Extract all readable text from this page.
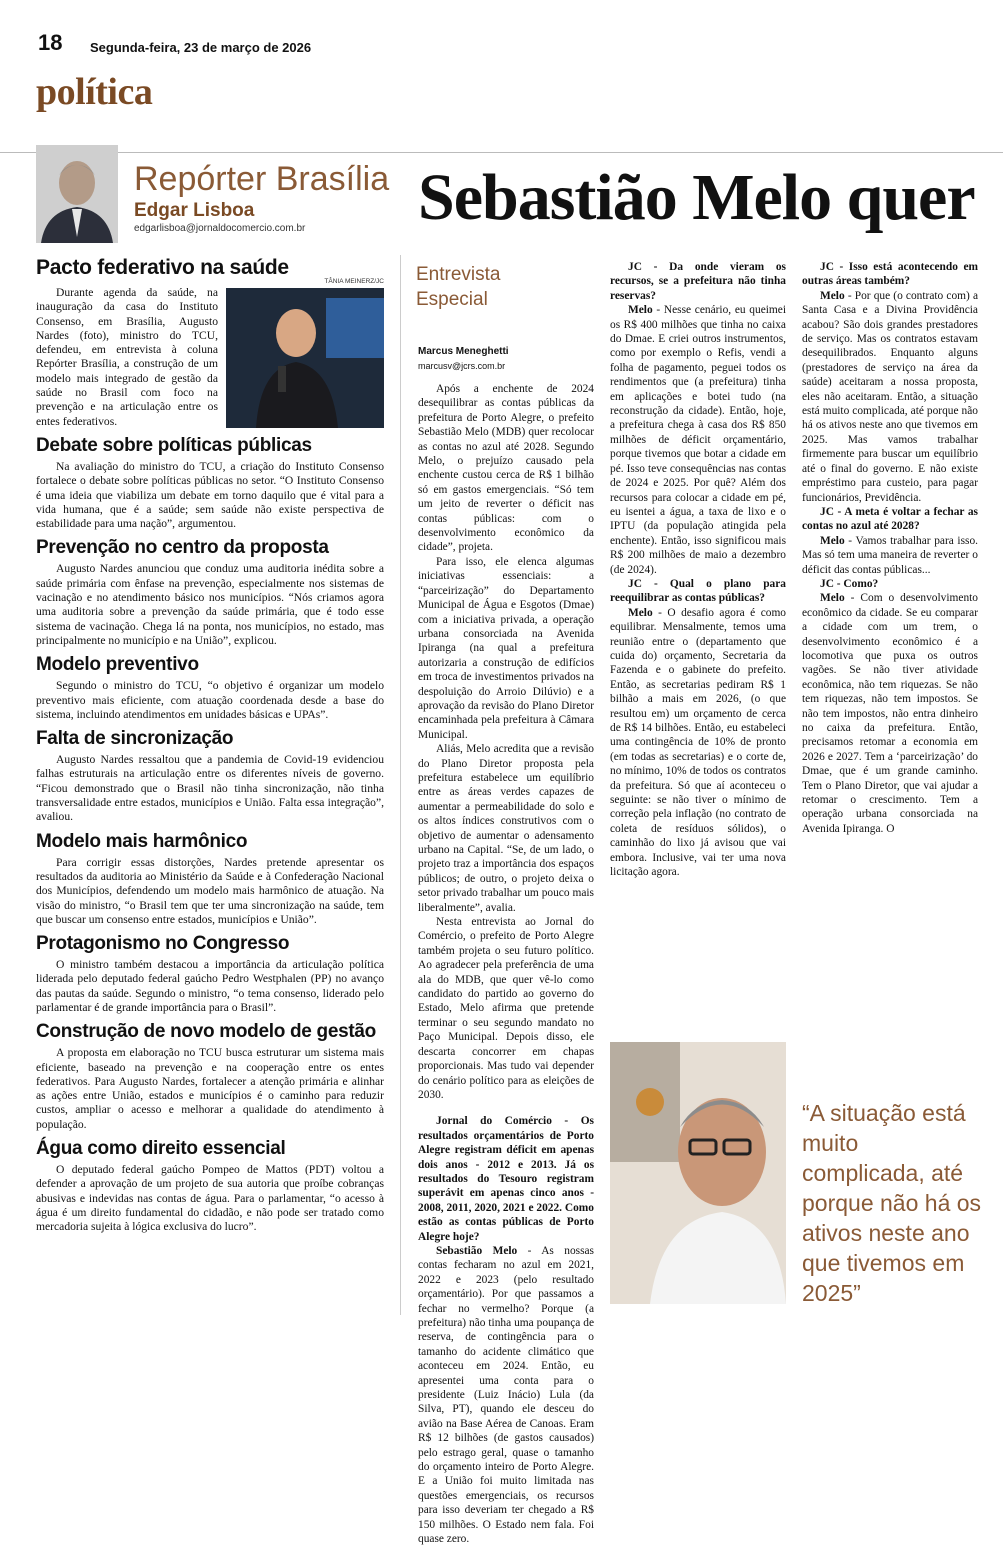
18 Segunda-feira, 23 de março de 2026
política
Repórter Brasília
Edgar Lisboa
edgarlisboa@jornaldocomercio.com.br Sebastião Melo quer
Pacto federativo na saúde
TÂNIA MEINERZ/JC

Durante agenda da saúde, na inauguração da casa do Instituto Consenso, em Brasília, Augusto Nardes (foto), ministro do TCU, defendeu, em entrevista à coluna Repórter Brasília, a construção de um modelo mais integrado de gestão da saúde no Brasil com foco na prevenção e na articulação entre os entes federativos.

Debate sobre políticas públicas

Na avaliação do ministro do TCU, a criação do Instituto Consenso fortalece o debate sobre políticas públicas no setor. “O Instituto Consenso é uma ideia que viabiliza um debate em torno daquilo que é vital para a vida humana, que é a saúde; sem saúde não existe perspectiva de estabilidade para uma nação”, argumentou.

Prevenção no centro da proposta

Augusto Nardes anunciou que conduz uma auditoria inédita sobre a saúde primária com ênfase na prevenção, especialmente nos sistemas de vacinação e no atendimento básico nos municípios. “Nós criamos agora uma auditoria sobre a prevenção da saúde primária, que é todo esse sistema de vacinação. Chega lá na ponta, nos municípios, no estado, mas principalmente no município e na União”, explicou.

Modelo preventivo

Segundo o ministro do TCU, “o objetivo é organizar um modelo preventivo mais eficiente, com atuação coordenada desde a base do sistema, incluindo atendimentos em unidades básicas e UPAs”.

Falta de sincronização

Augusto Nardes ressaltou que a pandemia de Covid-19 evidenciou falhas estruturais na articulação entre os diferentes níveis de governo. “Ficou demonstrado que o Brasil não tinha sincronização, não tinha transversalidade entre estados, municípios e União. Falta essa integração”, avaliou.

Modelo mais harmônico

Para corrigir essas distorções, Nardes pretende apresentar os resultados da auditoria ao Ministério da Saúde e à Confederação Nacional dos Municípios, defendendo um modelo mais harmônico de atuação. Na visão do ministro, “o Brasil tem que ter uma sincronização na saúde, tem que buscar um consenso entre estados, municípios e União”.

Protagonismo no Congresso

O ministro também destacou a importância da articulação política liderada pelo deputado federal gaúcho Pedro Westphalen (PP) no avanço das pautas da saúde. Segundo o ministro, “o tema consenso, liderado pelo parlamentar é de grande importância para o Brasil”.

Construção de novo modelo de gestão

A proposta em elaboração no TCU busca estruturar um sistema mais eficiente, baseado na prevenção e na cooperação entre os entes federativos. Para Augusto Nardes, fortalecer a atenção primária e alinhar as ações entre União, estados e municípios é o caminho para reduzir custos, ampliar o acesso e melhorar a qualidade do atendimento à população.

Água como direito essencial

O deputado federal gaúcho Pompeo de Mattos (PDT) voltou a defender a aprovação de um projeto de sua autoria que proíbe cobranças abusivas e indevidas nas contas de água. Para o parlamentar, “o acesso à água é um direito fundamental do cidadão, e não pode ser tratado como mercadoria sujeita à lógica exclusiva do lucro”.

Entrevista
Especial
Marcus Meneghetti
marcusv@jcrs.com.br

Após a enchente de 2024 desequilibrar as contas públicas da prefeitura de Porto Alegre, o prefeito Sebastião Melo (MDB) quer recolocar as contas no azul até 2028. Segundo Melo, o prejuízo causado pela enchente custou cerca de R$ 1 bilhão só em gastos emergenciais. “Só tem um jeito de reverter o déficit nas contas públicas: com o desenvolvimento econômico da cidade”, projeta.

Para isso, ele elenca algumas iniciativas essenciais: a “parceirização” do Departamento Municipal de Água e Esgotos (Dmae) com a iniciativa privada, a operação urbana consorciada na Avenida Ipiranga (na qual a prefeitura autorizaria a construção de edifícios em troca de investimentos privados na despoluição do Arroio Dilúvio) e a aprovação da revisão do Plano Diretor encaminhada pela prefeitura à Câmara Municipal.

Aliás, Melo acredita que a revisão do Plano Diretor proposta pela prefeitura estabelece um equilíbrio entre as áreas verdes capazes de aumentar a permeabilidade do solo e os altos índices construtivos com o objetivo de aumentar o adensamento urbano na Capital. “Se, de um lado, o projeto traz a importância dos espaços públicos; de outro, o projeto deixa o setor privado trabalhar um pouco mais liberalmente”, avalia.

Nesta entrevista ao Jornal do Comércio, o prefeito de Porto Alegre também projeta o seu futuro político. Ao agradecer pela preferência de uma ala do MDB, que quer vê-lo como candidato do partido ao governo do Estado, Melo afirma que pretende terminar o seu segundo mandato no Paço Municipal. Depois disso, ele descarta concorrer em chapas proporcionais. Mas tudo vai depender do cenário político para as eleições de 2030.

Jornal do Comércio - Os resultados orçamentários de Porto Alegre registram déficit em apenas dois anos - 2012 e 2013. Já os resultados do Tesouro registram superávit em apenas cinco anos - 2008, 2011, 2020, 2021 e 2022. Como estão as contas públicas de Porto Alegre hoje?

Sebastião Melo - As nossas contas fecharam no azul em 2021, 2022 e 2023 (pelo resultado orçamentário). Por que passamos a fechar no vermelho? Porque (a prefeitura) não tinha uma poupança de reserva, de contingência para o tamanho do acidente climático que aconteceu em 2024. Então, eu apresentei uma conta para o presidente (Luiz Inácio) Lula (da Silva, PT), quando ele desceu do avião na Base Aérea de Canoas. Eram R$ 12 bilhões (de gastos causados) pelo estrago geral, quase o tamanho do orçamento inteiro de Porto Alegre. E a União foi muito limitada nas questões emergenciais, os recursos para isso deveriam ter chegado a R$ 150 milhões. O Estado nem fala. Foi quase zero.

JC - Da onde vieram os recursos, se a prefeitura não tinha reservas?

Melo - Nesse cenário, eu queimei os R$ 400 milhões que tinha no caixa do Dmae. E criei outros instrumentos, como por exemplo o Refis, vendi a folha de pagamento, peguei todos os rendimentos que (a prefeitura) tinha em aplicações e botei tudo (na reconstrução da cidade). Então, hoje, a prefeitura chega à casa dos R$ 850 milhões de déficit orçamentário, porque tivemos que botar a cidade em pé. Isso teve consequências nas contas de 2024 e 2025. Por quê? Além dos recursos para colocar a cidade em pé, eu isentei a água, a taxa de lixo e o IPTU (da população atingida pela enchente). Então, isso significou mais R$ 200 milhões de maio a dezembro (de 2024).

JC - Qual o plano para reequilibrar as contas públicas?

Melo - O desafio agora é como equilibrar. Mensalmente, temos uma reunião entre o (departamento que cuida do) orçamento, Secretaria da Fazenda e o gabinete do prefeito. Então, as secretarias pediram R$ 1 bilhão a mais em 2026, (o que resultou em) um orçamento de cerca de R$ 14 bilhões. Então, eu estabeleci uma contingência de 10% de pronto (em todas as secretarias) e o corte de, no mínimo, 10% de todos os contratos da prefeitura. Só que aí aconteceu o seguinte: se não tiver o mínimo de correção pela inflação (no contrato de coleta de resíduos sólidos), o caminhão do lixo já avisou que vai embora. Inclusive, vai ter uma nova licitação agora.

JC - Isso está acontecendo em outras áreas também?

Melo - Por que (o contrato com) a Santa Casa e a Divina Providência acabou? São dois grandes prestadores de serviço. Mas os contratos estavam desequilibrados. Enquanto alguns (prestadores de serviço na área da saúde) aceitaram a nossa proposta, eles não aceitaram. Então, a situação está muito complicada, até porque não há os ativos neste ano que tivemos em 2025. Mas vamos trabalhar firmemente para buscar um equilíbrio até o final do governo. E não existe empréstimo para custeio, para pagar funcionários, Previdência.

JC - A meta é voltar a fechar as contas no azul até 2028?

Melo - Vamos trabalhar para isso. Mas só tem uma maneira de reverter o déficit das contas públicas...

JC - Como?

Melo - Com o desenvolvimento econômico da cidade. Se eu comparar a cidade com um trem, o desenvolvimento econômico é a locomotiva que puxa os outros vagões. Se não tiver atividade econômica, não tem riquezas. Se não tem riquezas, não tem impostos. Se não tem impostos, não entra dinheiro no caixa da prefeitura. Então, precisamos retomar a economia em 2026 e 2027. Tem a ‘parceirização’ do Dmae, que é um grande caminho. Tem o Plano Diretor, que vai ajudar a retomar o crescimento. Tem a operação urbana consorciada na Avenida Ipiranga. O

“A situação está muito complicada, até porque não há os ativos neste ano que tivemos em 2025”
